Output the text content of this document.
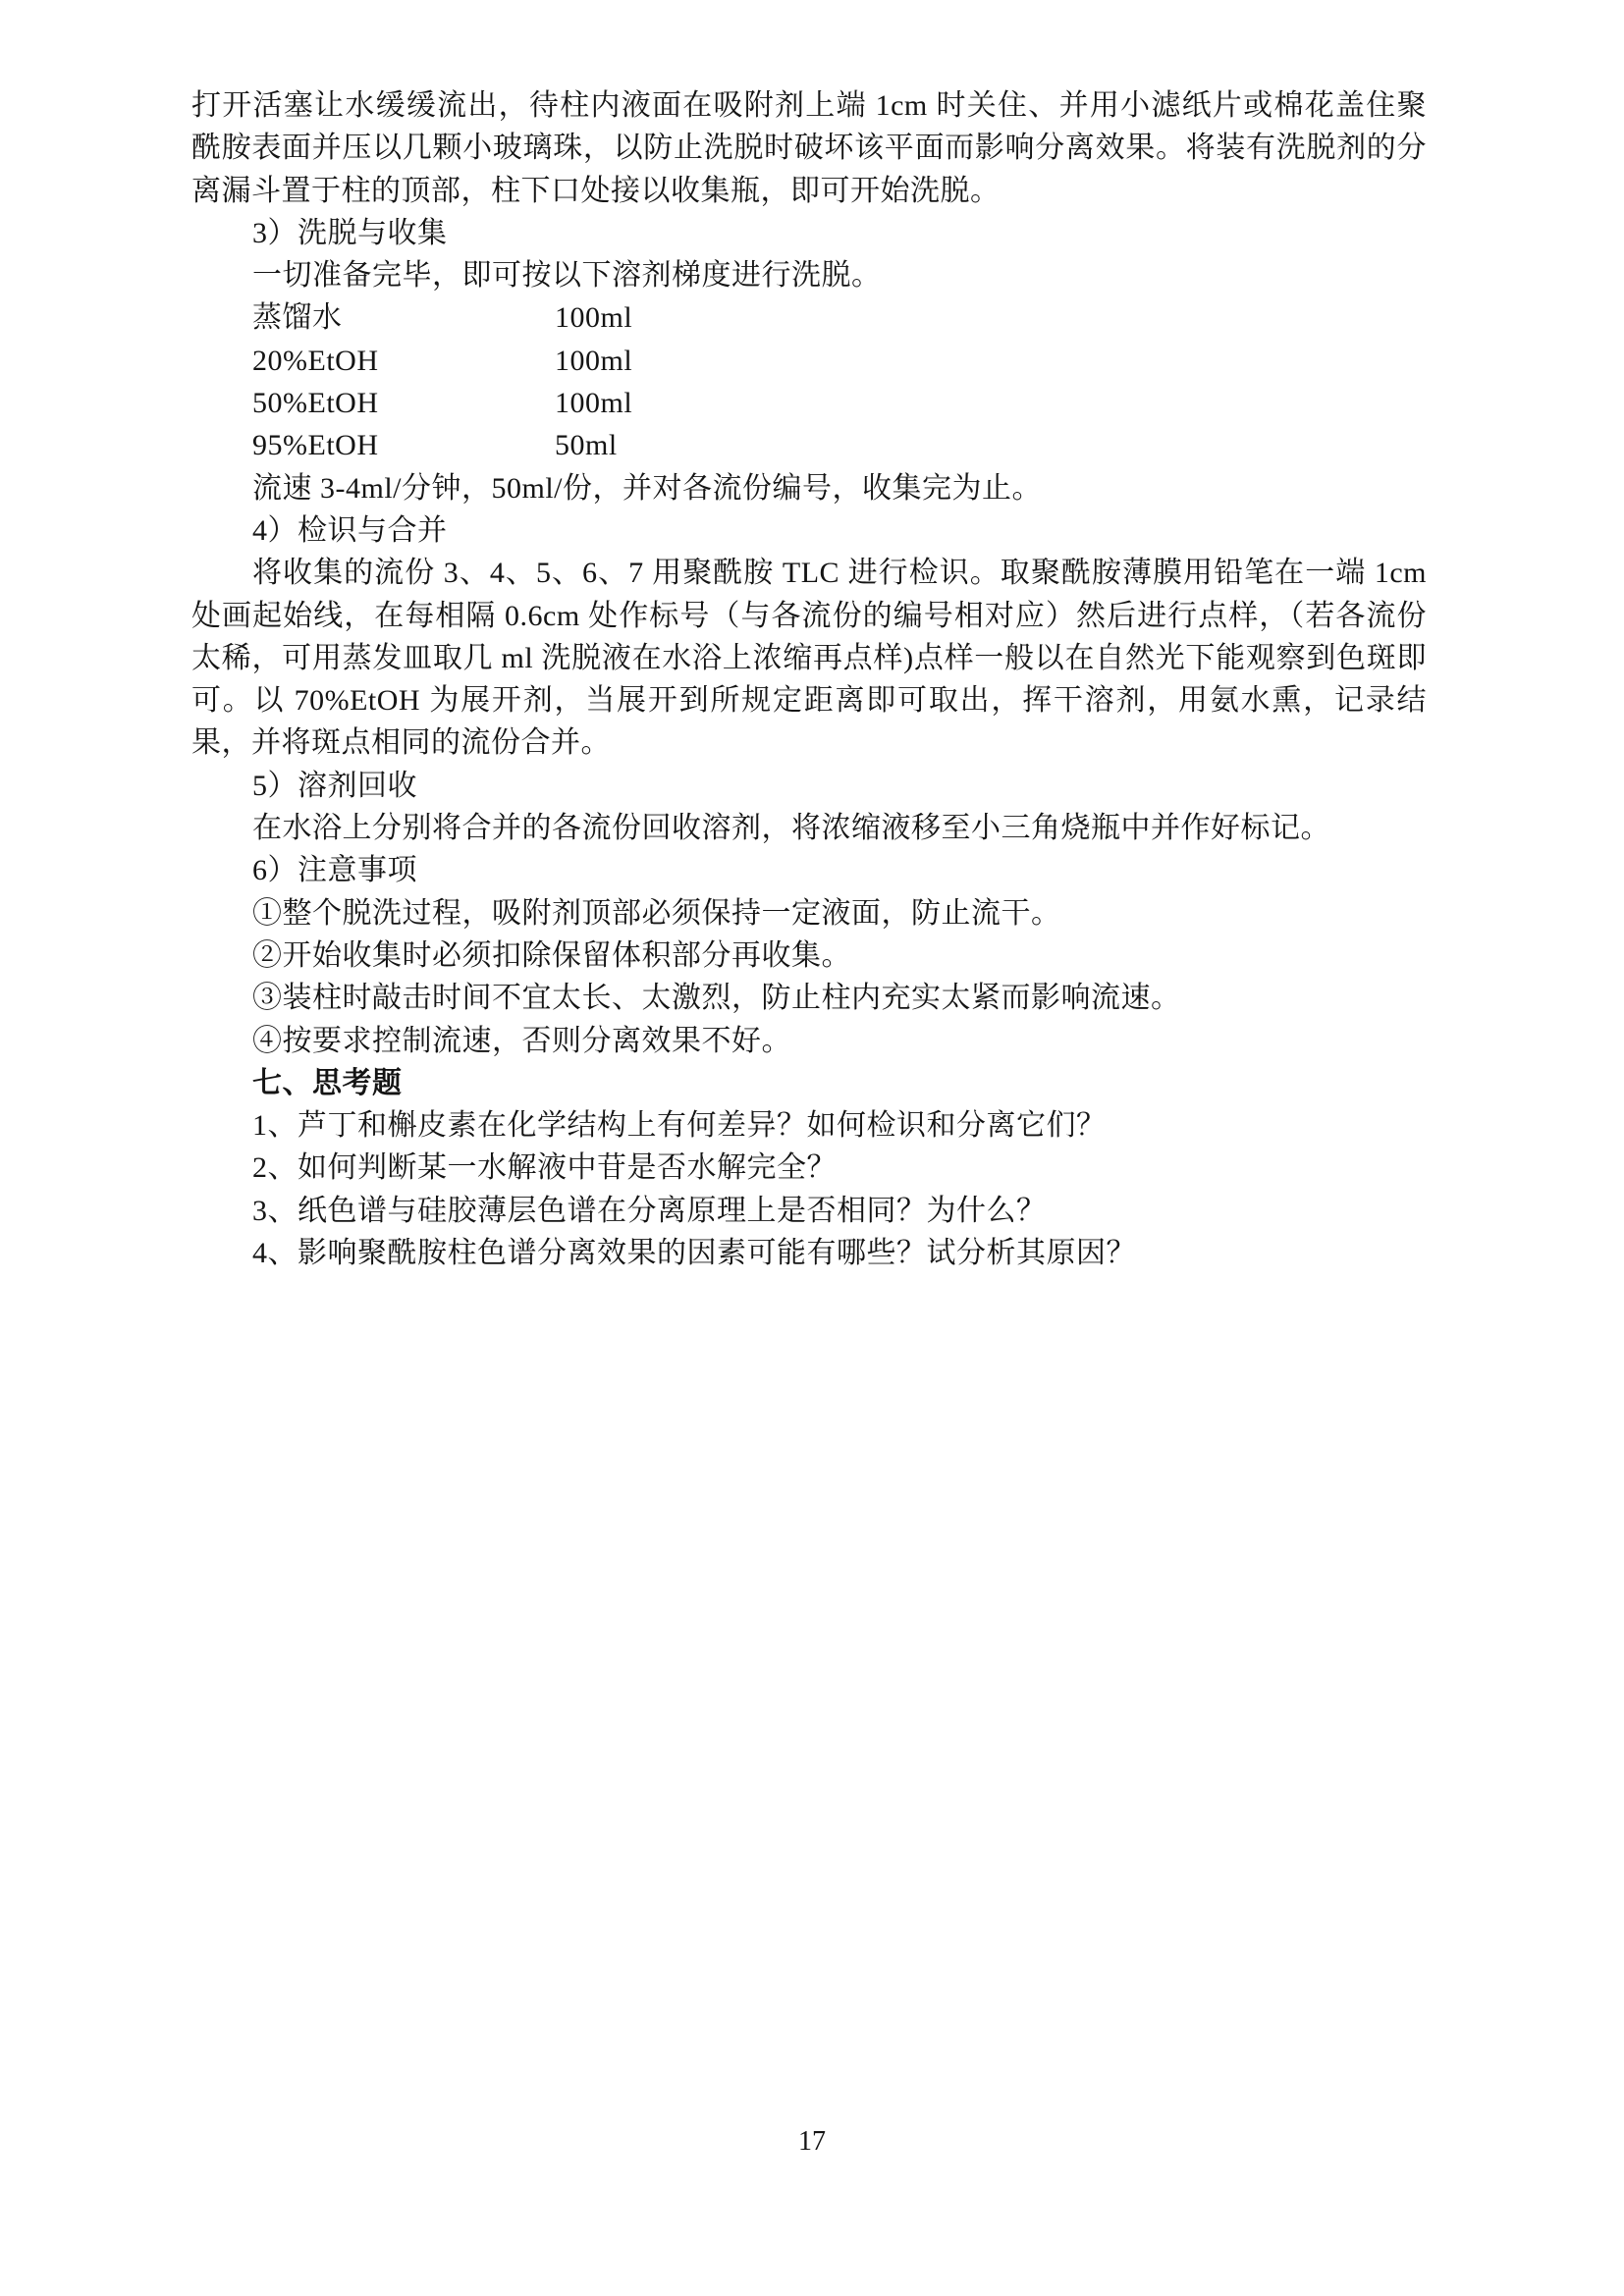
打开活塞让水缓缓流出，待柱内液面在吸附剂上端 1cm 时关住、并用小滤纸片或棉花盖住聚酰胺表面并压以几颗小玻璃珠，以防止洗脱时破坏该平面而影响分离效果。将装有洗脱剂的分离漏斗置于柱的顶部，柱下口处接以收集瓶，即可开始洗脱。

3）洗脱与收集

一切准备完毕，即可按以下溶剂梯度进行洗脱。

蒸馏水	100ml

20%EtOH	100ml

50%EtOH	100ml

95%EtOH	50ml

流速 3-4ml/分钟，50ml/份，并对各流份编号，收集完为止。

4）检识与合并

将收集的流份 3、4、5、6、7 用聚酰胺 TLC 进行检识。取聚酰胺薄膜用铅笔在一端 1cm 处画起始线，在每相隔 0.6cm 处作标号（与各流份的编号相对应）然后进行点样，（若各流份太稀，可用蒸发皿取几 ml 洗脱液在水浴上浓缩再点样)点样一般以在自然光下能观察到色斑即可。以 70%EtOH 为展开剂，当展开到所规定距离即可取出，挥干溶剂，用氨水熏，记录结果，并将斑点相同的流份合并。

5）溶剂回收

在水浴上分别将合并的各流份回收溶剂，将浓缩液移至小三角烧瓶中并作好标记。

6）注意事项

①整个脱洗过程，吸附剂顶部必须保持一定液面，防止流干。

②开始收集时必须扣除保留体积部分再收集。

③装柱时敲击时间不宜太长、太激烈，防止柱内充实太紧而影响流速。

④按要求控制流速，否则分离效果不好。

七、思考题

1、芦丁和槲皮素在化学结构上有何差异？如何检识和分离它们？

2、如何判断某一水解液中苷是否水解完全？

3、纸色谱与硅胶薄层色谱在分离原理上是否相同？为什么？

4、影响聚酰胺柱色谱分离效果的因素可能有哪些？试分析其原因？

17
